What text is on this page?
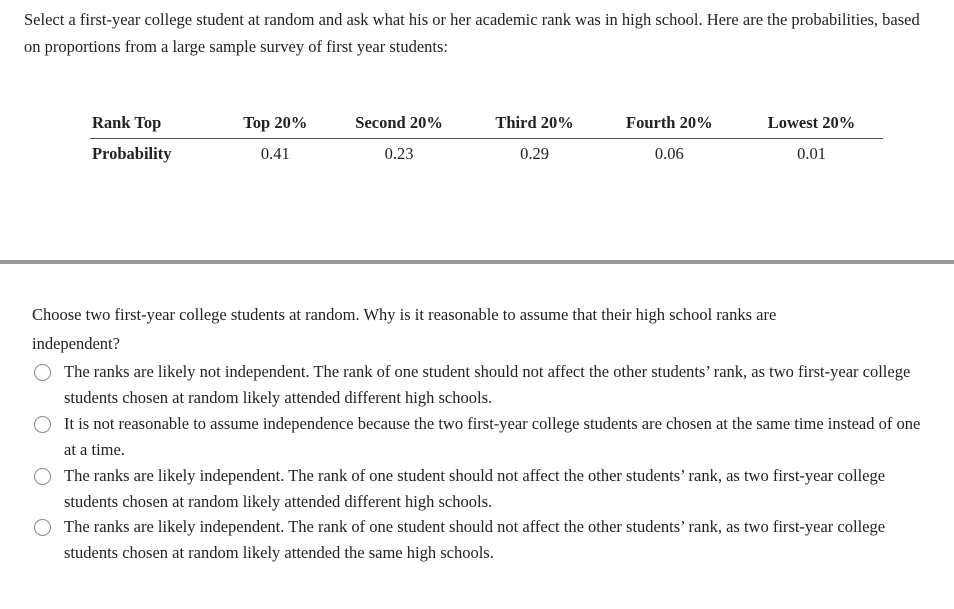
Select a first-year college student at random and ask what his or her academic rank was in high school. Here are the probabilities, based on proportions from a large sample survey of first year students:

Rank Top	Top 20%	Second 20%	Third 20%	Fourth 20%	Lowest 20%
Probability	0.41	0.23	0.29	0.06	0.01

Choose two first-year college students at random. Why is it reasonable to assume that their high school ranks are independent?

The ranks are likely not independent. The rank of one student should not affect the other students’ rank, as two first-year college students chosen at random likely attended different high schools.
It is not reasonable to assume independence because the two first-year college students are chosen at the same time instead of one at a time.
The ranks are likely independent. The rank of one student should not affect the other students’ rank, as two first-year college students chosen at random likely attended different high schools.
The ranks are likely independent. The rank of one student should not affect the other students’ rank, as two first-year college students chosen at random likely attended the same high schools.
